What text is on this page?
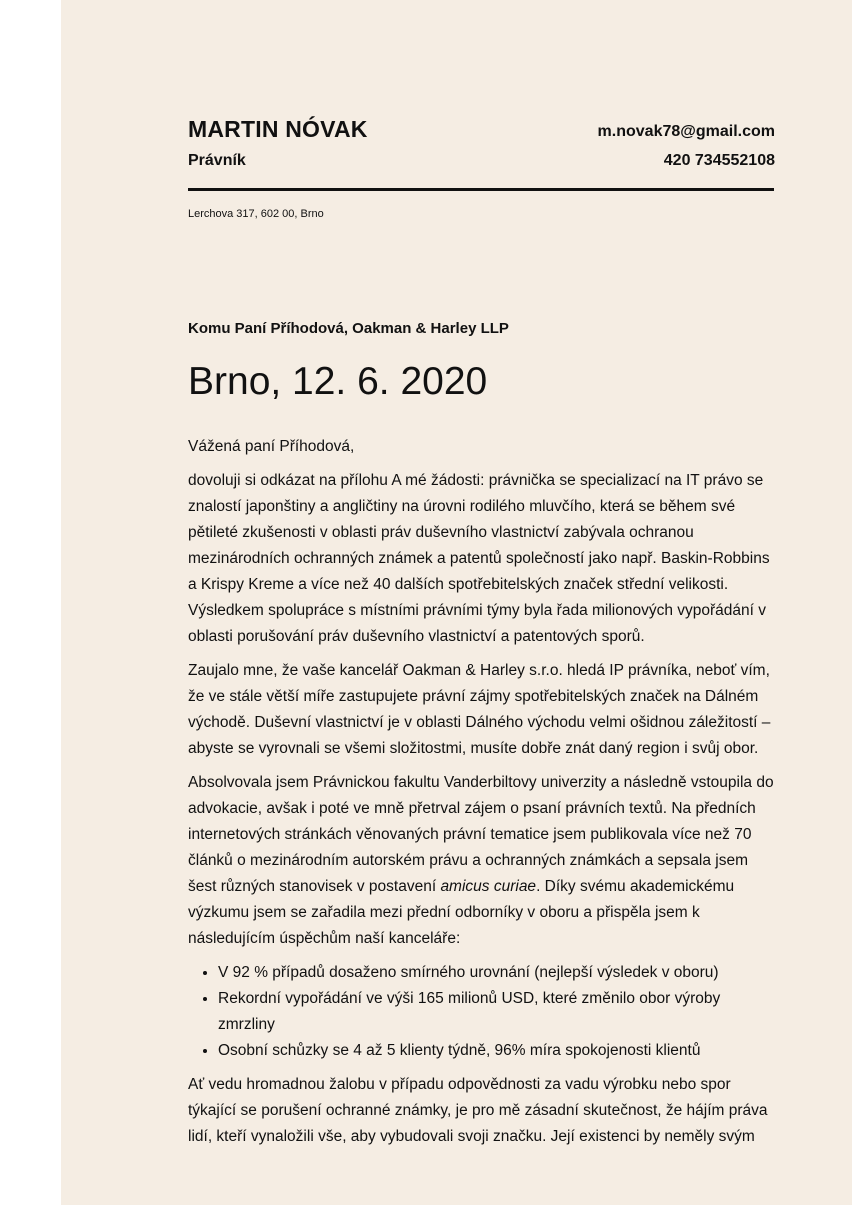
MARTIN NÓVAK
Právník
m.novak78@gmail.com
420 734552108
Lerchova 317, 602 00, Brno
Komu Paní Příhodová, Oakman & Harley LLP
Brno, 12. 6. 2020

Vážená paní Příhodová,

dovoluji si odkázat na přílohu A mé žádosti: právnička se specializací na IT právo se znalostí japonštiny a angličtiny na úrovni rodilého mluvčího, která se během své pětileté zkušenosti v oblasti práv duševního vlastnictví zabývala ochranou mezinárodních ochranných známek a patentů společností jako např. Baskin-Robbins a Krispy Kreme a více než 40 dalších spotřebitelských značek střední velikosti. Výsledkem spolupráce s místními právními týmy byla řada milionových vypořádání v oblasti porušování práv duševního vlastnictví a patentových sporů.

Zaujalo mne, že vaše kancelář Oakman & Harley s.r.o. hledá IP právníka, neboť vím, že ve stále větší míře zastupujete právní zájmy spotřebitelských značek na Dálném východě. Duševní vlastnictví je v oblasti Dálného východu velmi ošidnou záležitostí – abyste se vyrovnali se všemi složitostmi, musíte dobře znát daný region i svůj obor.

Absolvovala jsem Právnickou fakultu Vanderbiltovy univerzity a následně vstoupila do advokacie, avšak i poté ve mně přetrval zájem o psaní právních textů. Na předních internetových stránkách věnovaných právní tematice jsem publikovala více než 70 článků o mezinárodním autorském právu a ochranných známkách a sepsala jsem šest různých stanovisek v postavení amicus curiae. Díky svému akademickému výzkumu jsem se zařadila mezi přední odborníky v oboru a přispěla jsem k následujícím úspěchům naší kanceláře:

• V 92 % případů dosaženo smírného urovnání (nejlepší výsledek v oboru)
• Rekordní vypořádání ve výši 165 milionů USD, které změnilo obor výroby zmrzliny
• Osobní schůzky se 4 až 5 klienty týdně, 96% míra spokojenosti klientů

Ať vedu hromadnou žalobu v případu odpovědnosti za vadu výrobku nebo spor týkající se porušení ochranné známky, je pro mě zásadní skutečnost, že hájím práva lidí, kteří vynaložili vše, aby vybudovali svoji značku. Její existenci by neměly svým
